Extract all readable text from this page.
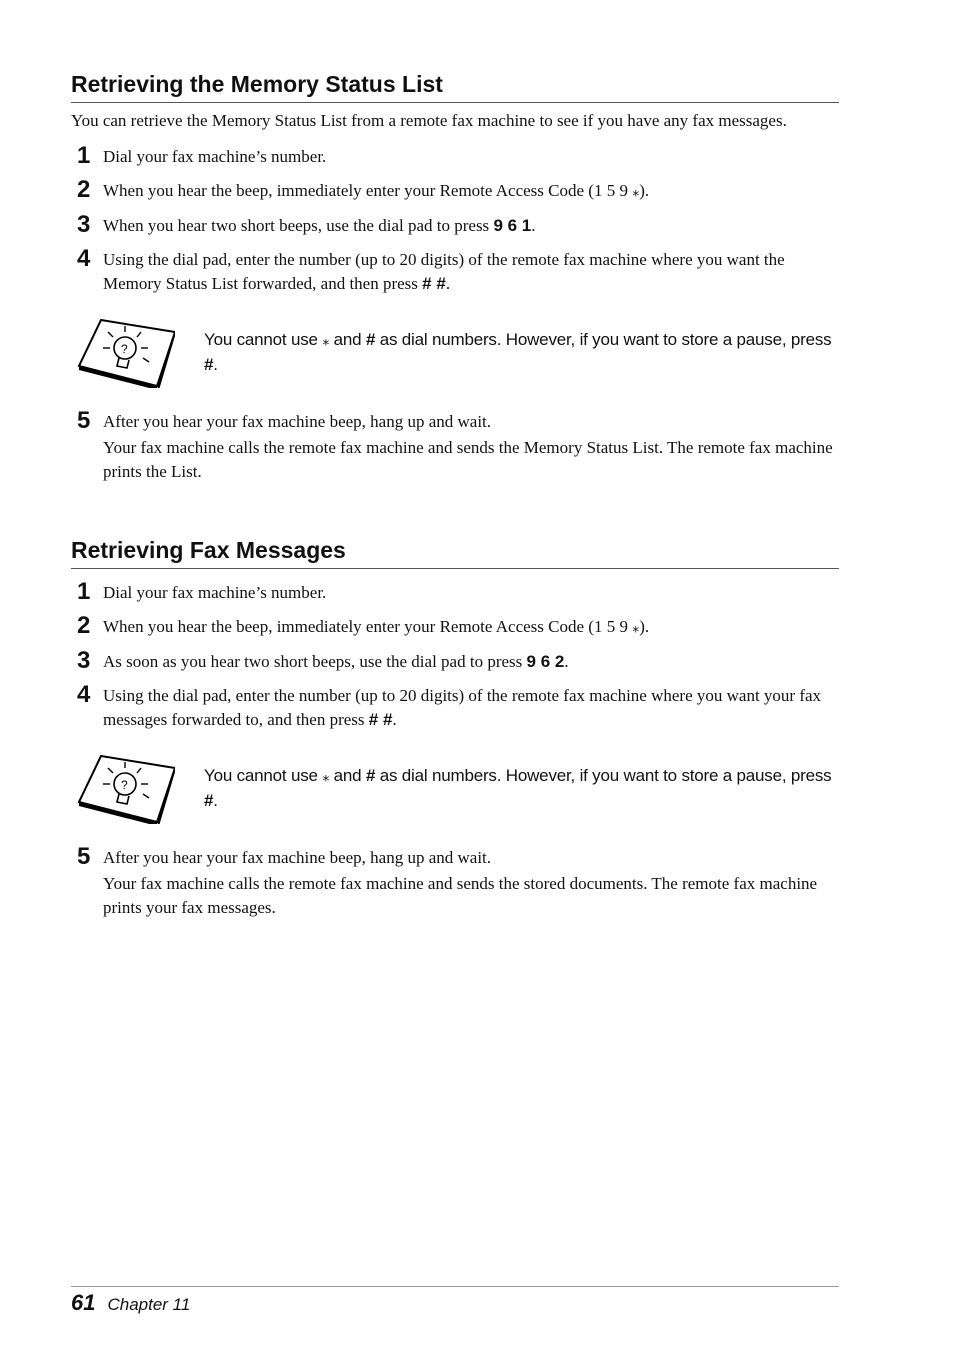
Retrieving the Memory Status List

You can retrieve the Memory Status List from a remote fax machine to see if you have any fax messages.

1 Dial your fax machine’s number.
2 When you hear the beep, immediately enter your Remote Access Code (1 5 9 ⁎).
3 When you hear two short beeps, use the dial pad to press 9 6 1.
4 Using the dial pad, enter the number (up to 20 digits) of the remote fax machine where you want the Memory Status List forwarded, and then press # #.
?	You cannot use ⁎ and # as dial numbers. However, if you want to store a pause, press #.
5 After you hear your fax machine beep, hang up and wait.
Your fax machine calls the remote fax machine and sends the Memory Status List. The remote fax machine prints the List.
Retrieving Fax Messages
1 Dial your fax machine’s number.
2 When you hear the beep, immediately enter your Remote Access Code (1 5 9 ⁎).
3 As soon as you hear two short beeps, use the dial pad to press 9 6 2.
4 Using the dial pad, enter the number (up to 20 digits) of the remote fax machine where you want your fax messages forwarded to, and then press # #.
?	You cannot use ⁎ and # as dial numbers. However, if you want to store a pause, press #.
5 After you hear your fax machine beep, hang up and wait.
Your fax machine calls the remote fax machine and sends the stored documents. The remote fax machine prints your fax messages.
61 Chapter 11
